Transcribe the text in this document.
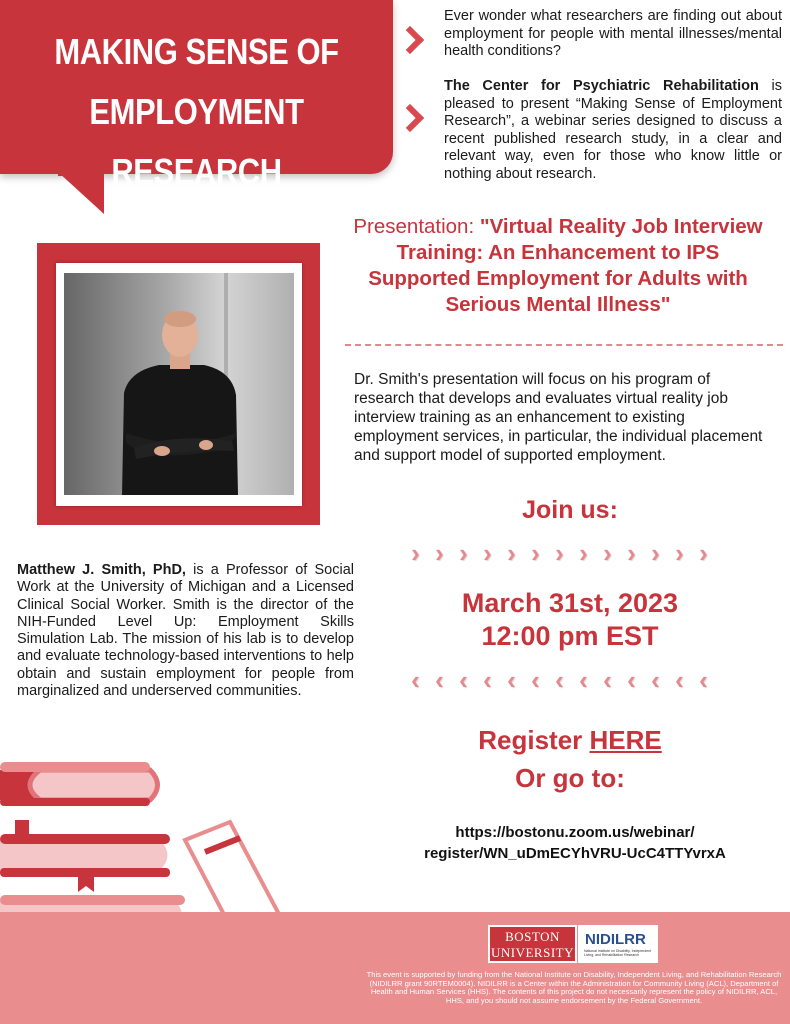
MAKING SENSE OF
EMPLOYMENT RESEARCH
Ever wonder what researchers are finding out about employment for people with mental illnesses/mental health conditions?
The Center for Psychiatric Rehabilitation is pleased to present “Making Sense of Employment Research”, a webinar series designed to discuss a recent published research study, in a clear and relevant way, even for those who know little or nothing about research.
Presentation: "Virtual Reality Job Interview Training: An Enhancement to IPS Supported Employment for Adults with Serious Mental Illness"
Dr. Smith's presentation will focus on his program of research that develops and evaluates virtual reality job interview training as an enhancement to existing employment services, in particular, the individual placement and support model of supported employment.
Join us:
› › › › › › › › › › › › ›
March 31st, 2023
12:00 pm EST
‹ ‹ ‹ ‹ ‹ ‹ ‹ ‹ ‹ ‹ ‹ ‹ ‹
Register HERE
Or go to:
https://bostonu.zoom.us/webinar/
register/WN_uDmECYhVRU-UcC4TTYvrxA
Matthew J. Smith, PhD, is a Professor of Social Work at the University of Michigan and a Licensed Clinical Social Worker. Smith is the director of the NIH-Funded Level Up: Employment Skills Simulation Lab. The mission of his lab is to develop and evaluate technology-based interventions to help obtain and sustain employment for people from marginalized and underserved communities.
BOSTON
UNIVERSITY
NIDILRR
National Institute on Disability, Independent Living, and Rehabilitation Research
This event is supported by funding from the National Institute on Disability, Independent Living, and Rehabilitation Research (NIDILRR grant 90RTEM0004). NIDILRR is a Center within the Administration for Community Living (ACL), Department of Health and Human Services (HHS). The contents of this project do not necessarily represent the policy of NIDILRR, ACL, HHS, and you should not assume endorsement by the Federal Government.
